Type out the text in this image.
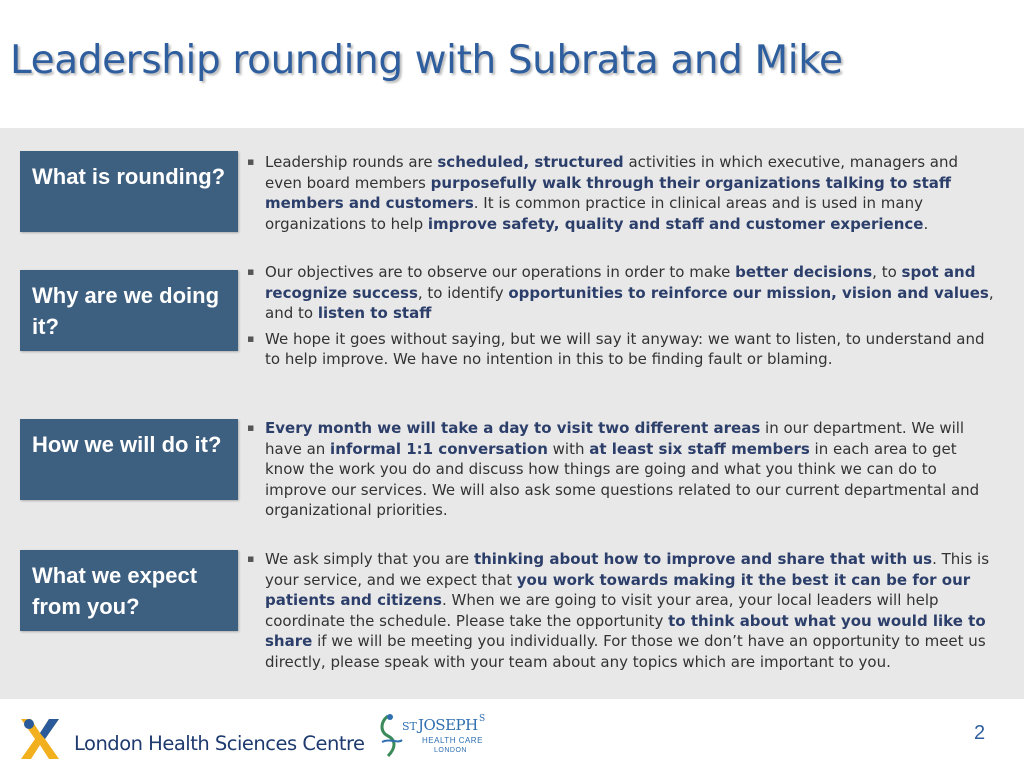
Leadership rounding with Subrata and Mike
What is rounding?
Why are we doing it?
How we will do it?
What we expect from you?
▪ Leadership rounds are scheduled, structured activities in which executive, managers and even board members purposefully walk through their organizations talking to staff members and customers. It is common practice in clinical areas and is used in many organizations to help improve safety, quality and staff and customer experience.
▪ Our objectives are to observe our operations in order to make better decisions, to spot and recognize success, to identify opportunities to reinforce our mission, vision and values, and to listen to staff
▪ We hope it goes without saying, but we will say it anyway: we want to listen, to understand and to help improve. We have no intention in this to be finding fault or blaming.
▪ Every month we will take a day to visit two different areas in our department. We will have an informal 1:1 conversation with at least six staff members in each area to get know the work you do and discuss how things are going and what you think we can do to improve our services. We will also ask some questions related to our current departmental and organizational priorities.
▪ We ask simply that you are thinking about how to improve and share that with us. This is your service, and we expect that you work towards making it the best it can be for our patients and citizens. When we are going to visit your area, your local leaders will help coordinate the schedule. Please take the opportunity to think about what you would like to share if we will be meeting you individually. For those we don’t have an opportunity to meet us directly, please speak with your team about any topics which are important to you.
London Health Sciences Centre
ST JOSEPH S
HEALTH CARE
LONDON
2
